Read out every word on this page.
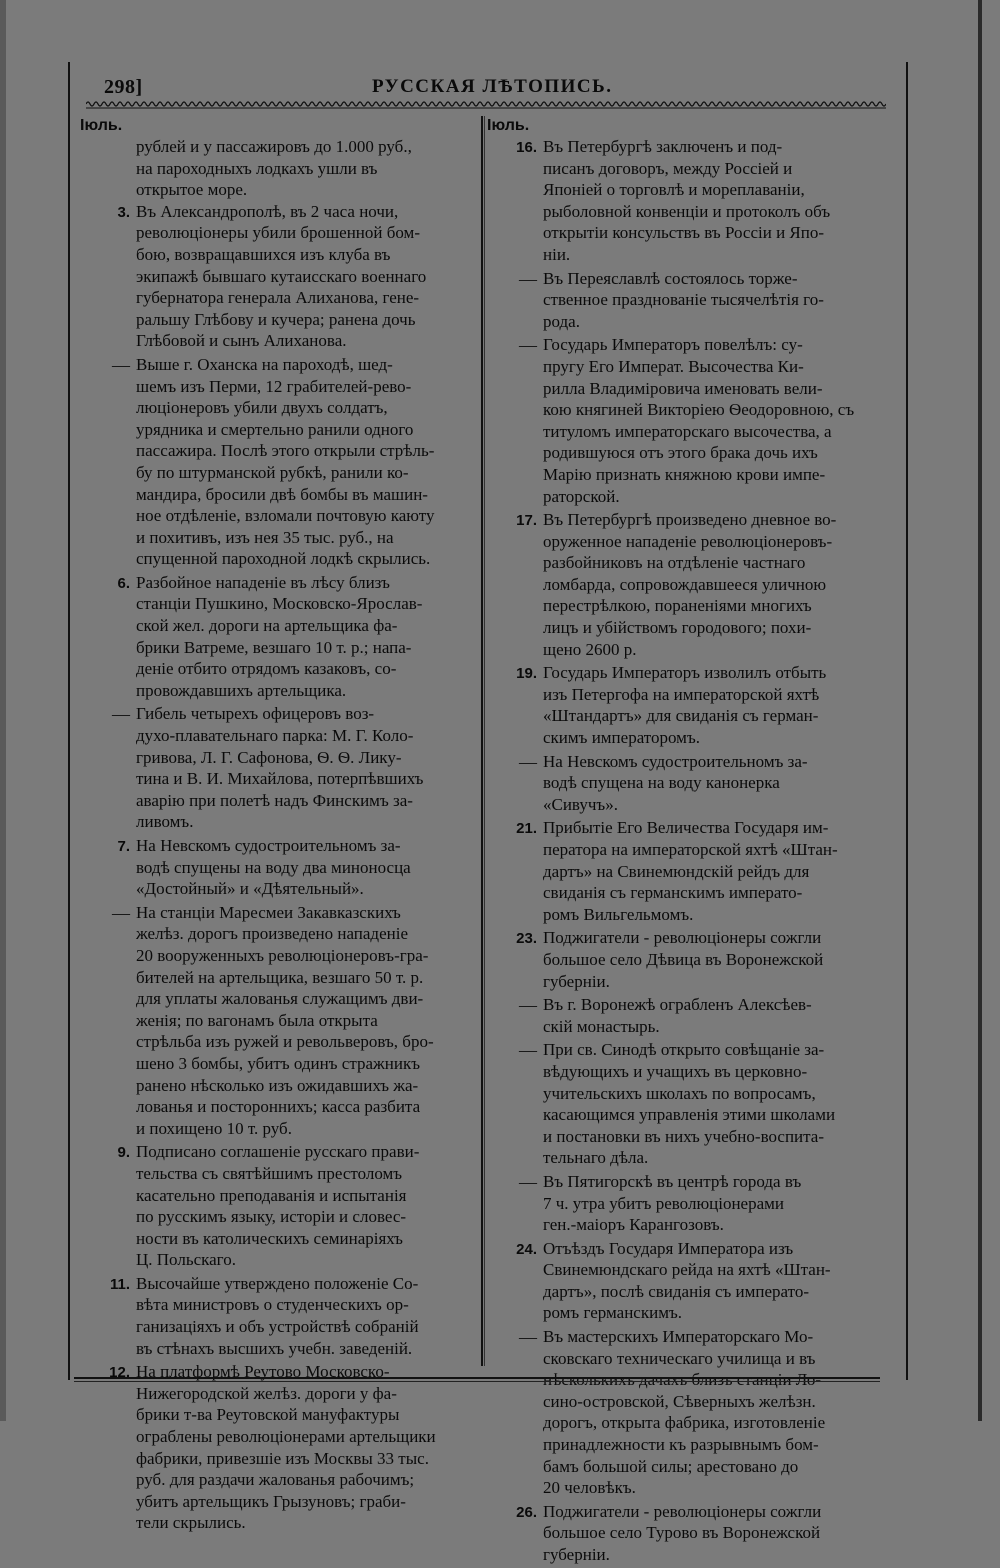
298]	РУССКАЯ ЛѢТОПИСЬ.
Іюль.
рублей и у пассажировъ до 1.000 руб.,
на пароходныхъ лодкахъ ушли въ
открытое море.
3. Въ Александрополѣ, въ 2 часа ночи,
революціонеры убили брошенной бом-
бою, возвращавшихся изъ клуба въ
экипажѣ бывшаго кутаисскаго военнаго
губернатора генерала Алиханова, гене-
ральшу Глѣбову и кучера; ранена дочь
Глѣбовой и сынъ Алиханова.
— Выше г. Оханска на пароходѣ, шед-
шемъ изъ Перми, 12 грабителей-рево-
люціонеровъ убили двухъ солдатъ,
урядника и смертельно ранили одного
пассажира. Послѣ этого открыли стрѣль-
бу по штурманской рубкѣ, ранили ко-
мандира, бросили двѣ бомбы въ машин-
ное отдѣленіе, взломали почтовую каюту
и похитивъ, изъ нея 35 тыс. руб., на
спущенной пароходной лодкѣ скрылись.
6. Разбойное нападеніе въ лѣсу близъ
станціи Пушкино, Московско-Ярослав-
ской жел. дороги на артельщика фа-
брики Ватреме, везшаго 10 т. р.; напа-
деніе отбито отрядомъ казаковъ, со-
провождавшихъ артельщика.
— Гибель четырехъ офицеровъ воз-
духо-плавательнаго парка: М. Г. Коло-
гривова, Л. Г. Сафонова, Ѳ. Ѳ. Лику-
тина и В. И. Михайлова, потерпѣвшихъ
аварію при полетѣ надъ Финскимъ за-
ливомъ.
7. На Невскомъ судостроительномъ за-
водѣ спущены на воду два миноносца
«Достойный» и «Дѣятельный».
— На станціи Маресмеи Закавказскихъ
желѣз. дорогъ произведено нападеніе
20 вооруженныхъ революціонеровъ-гра-
бителей на артельщика, везшаго 50 т. р.
для уплаты жалованья служащимъ дви-
женія; по вагонамъ была открыта
стрѣльба изъ ружей и револьверовъ, бро-
шено 3 бомбы, убитъ одинъ стражникъ
ранено нѣсколько изъ ожидавшихъ жа-
лованья и постороннихъ; касса разбита
и похищено 10 т. руб.
9. Подписано соглашеніе русскаго прави-
тельства съ святѣйшимъ престоломъ
касательно преподаванія и испытанія
по русскимъ языку, исторіи и словес-
ности въ католическихъ семинаріяхъ
Ц. Польскаго.
11. Высочайше утверждено положеніе Со-
вѣта министровъ о студенческихъ ор-
ганизаціяхъ и объ устройствѣ собраній
въ стѣнахъ высшихъ учебн. заведеній.
12. На платформѣ Реутово Московско-
Нижегородской желѣз. дороги у фа-
брики т-ва Реутовской мануфактуры
ограблены революціонерами артельщики
фабрики, привезшіе изъ Москвы 33 тыс.
руб. для раздачи жалованья рабочимъ;
убитъ артельщикъ Грызуновъ; граби-
тели скрылись.
Іюль.
16. Въ Петербургѣ заключенъ и под-
писанъ договоръ, между Россіей и
Японіей о торговлѣ и мореплаваніи,
рыболовной конвенціи и протоколъ объ
открытіи консульствъ въ Россіи и Япо-
ніи.
— Въ Переяславлѣ состоялось торже-
ственное празднованіе тысячелѣтія го-
рода.
— Государь Императоръ повелѣлъ: су-
пругу Его Императ. Высочества Ки-
рилла Владиміровича именовать вели-
кою княгиней Викторіею Ѳеодоровною, съ
титуломъ императорскаго высочества, а
родившуюся отъ этого брака дочь ихъ
Марію признать княжною крови импе-
раторской.
17. Въ Петербургѣ произведено дневное во-
оруженное нападеніе революціонеровъ-
разбойниковъ на отдѣленіе частнаго
ломбарда, сопровождавшееся уличною
перестрѣлкою, пораненіями многихъ
лицъ и убійствомъ городового; похи-
щено 2600 р.
19. Государь Императоръ изволилъ отбыть
изъ Петергофа на императорской яхтѣ
«Штандартъ» для свиданія съ герман-
скимъ императоромъ.
— На Невскомъ судостроительномъ за-
водѣ спущена на воду канонерка
«Сивучъ».
21. Прибытіе Его Величества Государя им-
ператора на императорской яхтѣ «Штан-
дартъ» на Свинемюндскій рейдъ для
свиданія съ германскимъ императо-
ромъ Вильгельмомъ.
23. Поджигатели - революціонеры сожгли
большое село Дѣвица въ Воронежской
губерніи.
— Въ г. Воронежѣ ограбленъ Алексѣев-
скій монастырь.
— При св. Синодѣ открыто совѣщаніе за-
вѣдующихъ и учащихъ въ церковно-
учительскихъ школахъ по вопросамъ,
касающимся управленія этими школами
и постановки въ нихъ учебно-воспита-
тельнаго дѣла.
— Въ Пятигорскѣ въ центрѣ города въ
7 ч. утра убитъ революціонерами
ген.-маіоръ Карангозовъ.
24. Отъѣздъ Государя Императора изъ
Свинемюндскаго рейда на яхтѣ «Штан-
дартъ», послѣ свиданія съ императо-
ромъ германскимъ.
— Въ мастерскихъ Императорскаго Мо-
сковскаго техническаго училища и въ
нѣсколькихъ дачахъ близъ станціи Ло-
сино-островской, Сѣверныхъ желѣзн.
дорогъ, открыта фабрика, изготовленіе
принадлежности къ разрывнымъ бом-
бамъ большой силы; арестовано до
20 человѣкъ.
26. Поджигатели - революціонеры сожгли
большое село Турово въ Воронежской
губерніи.
